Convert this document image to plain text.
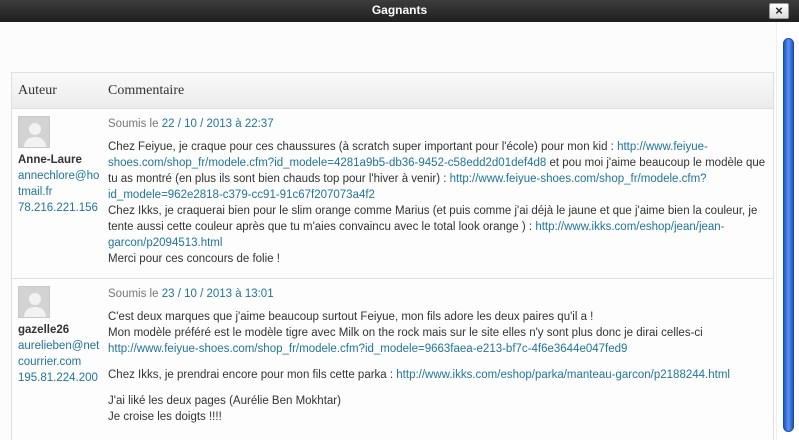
Gagnants	×
Auteur	Commentaire
Anne-Laure
annechlore@hotmail.fr
78.216.221.156
Soumis le 22 / 10 / 2013 à 22:37

Chez Feiyue, je craque pour ces chaussures (à scratch super important pour l'école) pour mon kid : http://www.feiyue-shoes.com/shop_fr/modele.cfm?id_modele=4281a9b5-db36-9452-c58edd2d01def4d8 et pou moi j'aime beaucoup le modèle que tu as montré (en plus ils sont bien chauds top pour l'hiver à venir) : http://www.feiyue-shoes.com/shop_fr/modele.cfm?id_modele=962e2818-c379-cc91-91c67f207073a4f2

Chez Ikks, je craquerai bien pour le slim orange comme Marius (et puis comme j'ai déjà le jaune et que j'aime bien la couleur, je tente aussi cette couleur après que tu m'aies convaincu avec le total look orange ) : http://www.ikks.com/eshop/jean/jean-garcon/p2094513.html

Merci pour ces concours de folie !

gazelle26
aurelieben@netcourrier.com
195.81.224.200
Soumis le 23 / 10 / 2013 à 13:01

C'est deux marques que j'aime beaucoup surtout Feiyue, mon fils adore les deux paires qu'il a !

Mon modèle préféré est le modèle tigre avec Milk on the rock mais sur le site elles n'y sont plus donc je dirai celles-ci http://www.feiyue-shoes.com/shop_fr/modele.cfm?id_modele=9663faea-e213-bf7c-4f6e3644e047fed9

Chez Ikks, je prendrai encore pour mon fils cette parka : http://www.ikks.com/eshop/parka/manteau-garcon/p2188244.html

J'ai liké les deux pages (Aurélie Ben Mokhtar)

Je croise les doigts !!!!
